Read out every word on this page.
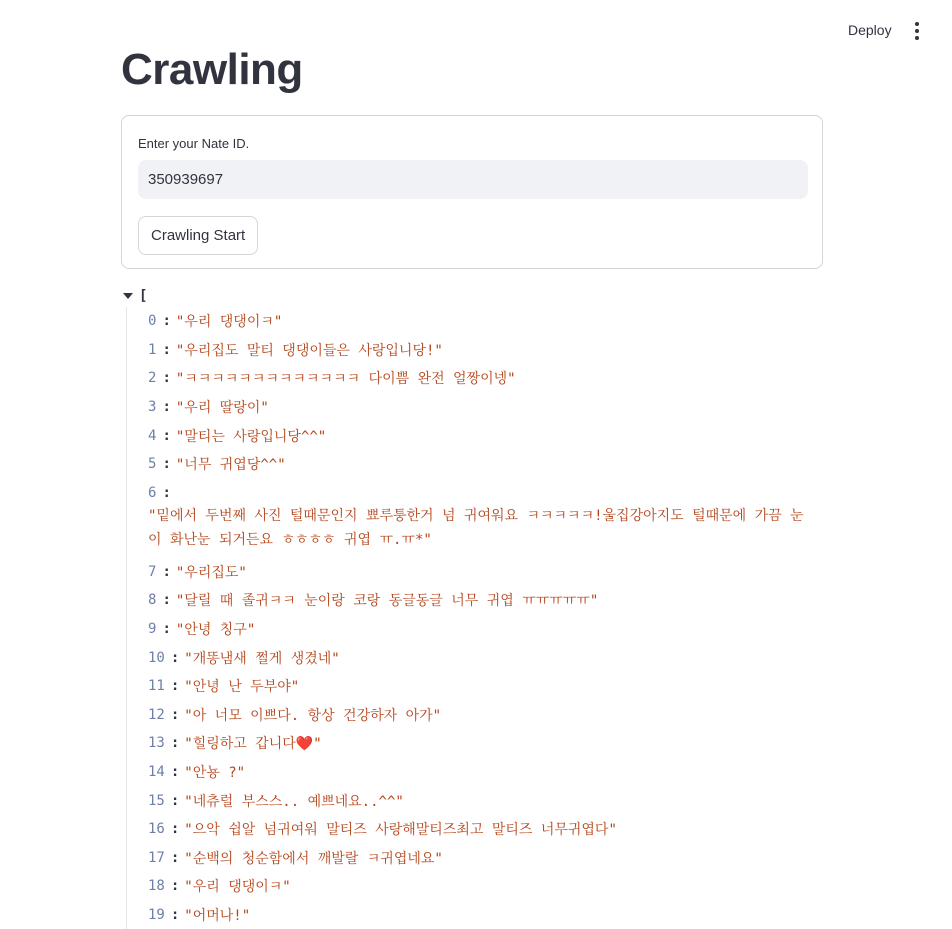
Deploy
Crawling
Enter your Nate ID.
350939697
Crawling Start
[
0 : "우리 댕댕이ㅋ"
1 : "우리집도 말티 댕댕이들은 사랑입니당!"
2 : "ㅋㅋㅋㅋㅋㅋㅋㅋㅋㅋㅋㅋㅋ 다이쁨 완전 얼짱이넹"
3 : "우리 딸랑이"
4 : "말티는 사랑입니당^^"
5 : "너무 귀엽당^^"
6 :
"밑에서 두번째 사진 털때문인지 뾰루퉁한거 넘 귀여워요 ㅋㅋㅋㅋㅋ!울집강아지도 털때문에 가끔 눈이 화난눈 되거든요 ㅎㅎㅎㅎ 귀엽 ㅠ.ㅠ*"
7 : "우리집도"
8 : "달릴 때 졸귀ㅋㅋ 눈이랑 코랑 동글동글 너무 귀엽 ㅠㅠㅠㅠㅠ"
9 : "안녕 칭구"
10 : "개똥냄새 쩔게 생겼네"
11 : "안녕 난 두부야"
12 : "아 너모 이쁘다. 항상 건강하자 아가"
13 : "힐링하고 갑니다❤️"
14 : "안뇽 ?"
15 : "네츄럴 부스스.. 예쁘네요..^^"
16 : "으악 쉽알 넘귀여워 말티즈 사랑해말티즈최고 말티즈 너무귀엽다"
17 : "순백의 청순함에서 깨발랄 ㅋ귀엽네요"
18 : "우리 댕댕이ㅋ"
19 : "어머나!"
